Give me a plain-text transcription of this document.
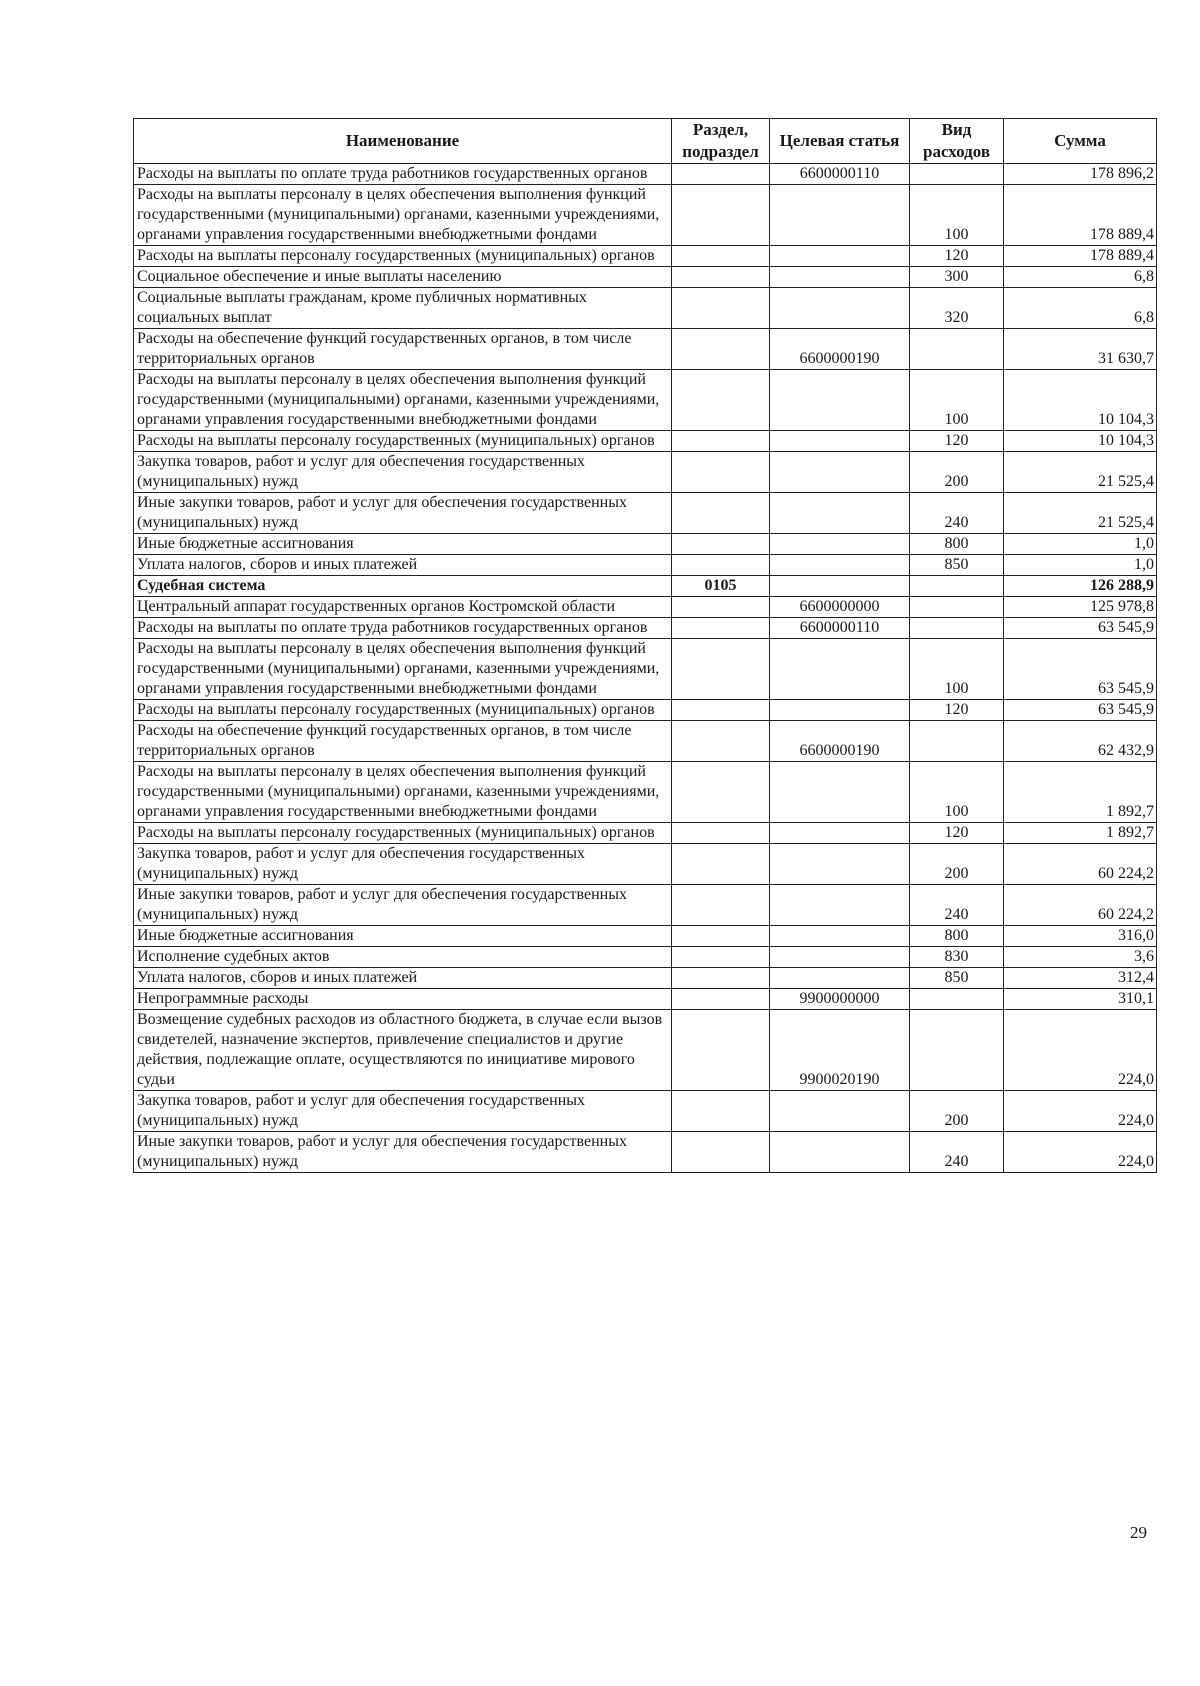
Наименование	Раздел, подраздел	Целевая статья	Вид расходов	Сумма
Расходы на выплаты по оплате труда работников государственных органов		6600000110		178 896,2
Расходы на выплаты персоналу в целях обеспечения выполнения функций государственными (муниципальными) органами, казенными учреждениями, органами управления государственными внебюджетными фондами			100	178 889,4
Расходы на выплаты персоналу государственных (муниципальных) органов			120	178 889,4
Социальное обеспечение и иные выплаты населению			300	6,8
Социальные выплаты гражданам, кроме публичных нормативных социальных выплат			320	6,8
Расходы на обеспечение функций государственных органов, в том числе территориальных органов		6600000190		31 630,7
Расходы на выплаты персоналу в целях обеспечения выполнения функций государственными (муниципальными) органами, казенными учреждениями, органами управления государственными внебюджетными фондами			100	10 104,3
Расходы на выплаты персоналу государственных (муниципальных) органов			120	10 104,3
Закупка товаров, работ и услуг для обеспечения государственных (муниципальных) нужд			200	21 525,4
Иные закупки товаров, работ и услуг для обеспечения государственных (муниципальных) нужд			240	21 525,4
Иные бюджетные ассигнования			800	1,0
Уплата налогов, сборов и иных платежей			850	1,0
Судебная система	0105			126 288,9
Центральный аппарат государственных органов Костромской области		6600000000		125 978,8
Расходы на выплаты по оплате труда работников государственных органов		6600000110		63 545,9
Расходы на выплаты персоналу в целях обеспечения выполнения функций государственными (муниципальными) органами, казенными учреждениями, органами управления государственными внебюджетными фондами			100	63 545,9
Расходы на выплаты персоналу государственных (муниципальных) органов			120	63 545,9
Расходы на обеспечение функций государственных органов, в том числе территориальных органов		6600000190		62 432,9
Расходы на выплаты персоналу в целях обеспечения выполнения функций государственными (муниципальными) органами, казенными учреждениями, органами управления государственными внебюджетными фондами			100	1 892,7
Расходы на выплаты персоналу государственных (муниципальных) органов			120	1 892,7
Закупка товаров, работ и услуг для обеспечения государственных (муниципальных) нужд			200	60 224,2
Иные закупки товаров, работ и услуг для обеспечения государственных (муниципальных) нужд			240	60 224,2
Иные бюджетные ассигнования			800	316,0
Исполнение судебных актов			830	3,6
Уплата налогов, сборов и иных платежей			850	312,4
Непрограммные расходы		9900000000		310,1
Возмещение судебных расходов из областного бюджета, в случае если вызов свидетелей, назначение экспертов, привлечение специалистов и другие действия, подлежащие оплате, осуществляются по инициативе мирового судьи		9900020190		224,0
Закупка товаров, работ и услуг для обеспечения государственных (муниципальных) нужд			200	224,0
Иные закупки товаров, работ и услуг для обеспечения государственных (муниципальных) нужд			240	224,0
29
